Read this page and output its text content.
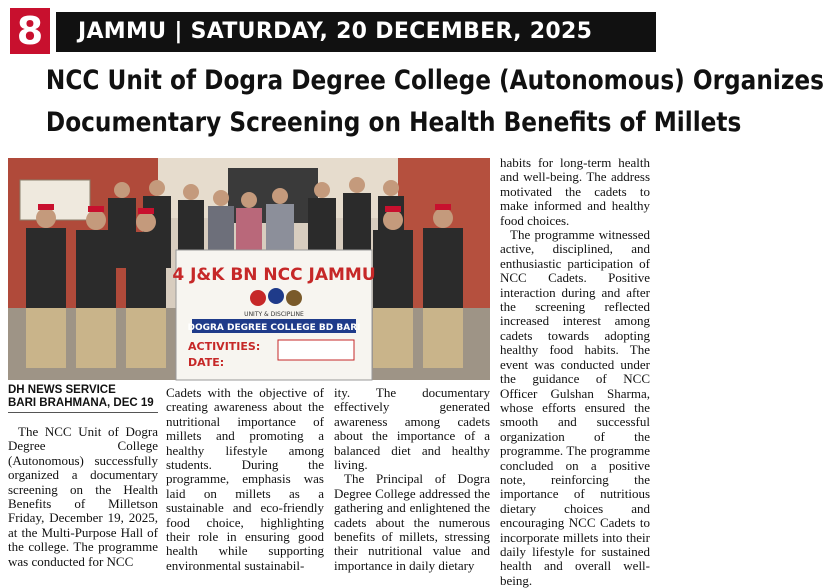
8	JAMMU | SATURDAY, 20 DECEMBER, 2025
NCC Unit of Dogra Degree College (Autonomous) Organizes
Documentary Screening on Health Benefits of Millets
4 J&K BN NCC JAMMU
UNITY & DISCIPLINE
DOGRA DEGREE COLLEGE BD BARI
ACTIVITIES:
DATE:
DH NEWS SERVICE
BARI BRAHMANA, DEC 19

The NCC Unit of Dogra Degree College (Autonomous) successfully organized a documentary screening on the Health Benefits of Milletson Friday, December 19, 2025, at the Multi-Purpose Hall of the college. The programme was conducted for NCC

Cadets with the objective of creating awareness about the nutritional importance of millets and promoting a healthy lifestyle among students. During the programme, emphasis was laid on millets as a sustainable and eco-friendly food choice, highlighting their role in ensuring good health while supporting environmental sustainabil-

ity. The documentary effectively generated awareness among cadets about the importance of a balanced diet and healthy living.

The Principal of Dogra Degree College addressed the gathering and enlightened the cadets about the numerous benefits of millets, stressing their nutritional value and importance in daily dietary

habits for long-term health and well-being. The address motivated the cadets to make informed and healthy food choices.

The programme witnessed active, disciplined, and enthusiastic participation of NCC Cadets. Positive interaction during and after the screening reflected increased interest among cadets towards adopting healthy food habits. The event was conducted under the guidance of NCC Officer Gulshan Sharma, whose efforts ensured the smooth and successful organization of the programme. The programme concluded on a positive note, reinforcing the importance of nutritious dietary choices and encouraging NCC Cadets to incorporate millets into their daily lifestyle for sustained health and overall well-being.
